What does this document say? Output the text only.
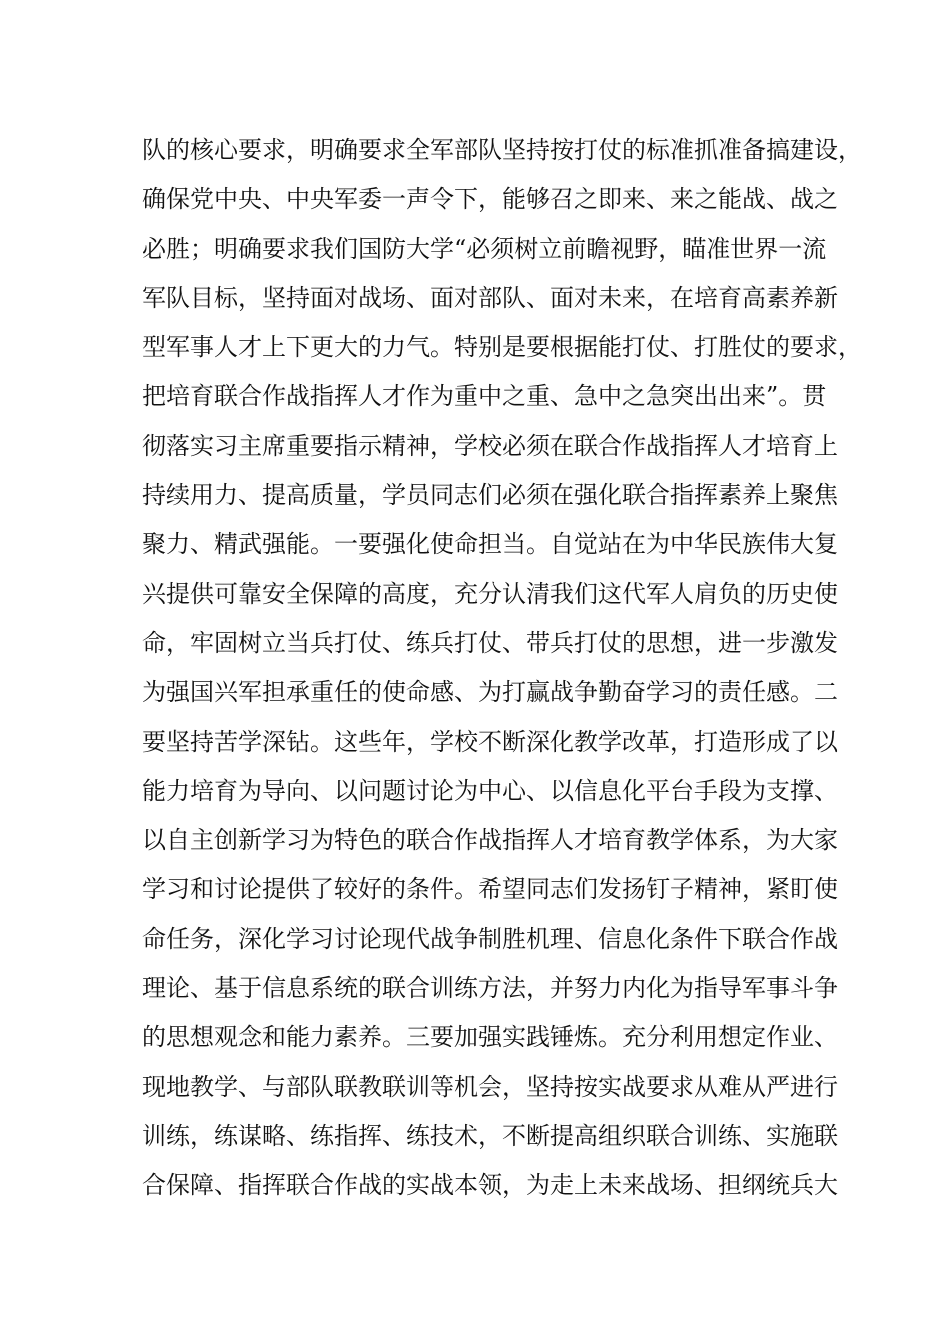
队的核心要求，明确要求全军部队坚持按打仗的标准抓准备搞建设，
确保党中央、中央军委一声令下，能够召之即来、来之能战、战之
必胜；明确要求我们国防大学“必须树立前瞻视野，瞄准世界一流
军队目标，坚持面对战场、面对部队、面对未来，在培育高素养新
型军事人才上下更大的力气。特别是要根据能打仗、打胜仗的要求，
把培育联合作战指挥人才作为重中之重、急中之急突出出来”。贯
彻落实习主席重要指示精神，学校必须在联合作战指挥人才培育上
持续用力、提高质量，学员同志们必须在强化联合指挥素养上聚焦
聚力、精武强能。一要强化使命担当。自觉站在为中华民族伟大复
兴提供可靠安全保障的高度，充分认清我们这代军人肩负的历史使
命，牢固树立当兵打仗、练兵打仗、带兵打仗的思想，进一步激发
为强国兴军担承重任的使命感、为打赢战争勤奋学习的责任感。二
要坚持苦学深钻。这些年，学校不断深化教学改革，打造形成了以
能力培育为导向、以问题讨论为中心、以信息化平台手段为支撑、
以自主创新学习为特色的联合作战指挥人才培育教学体系，为大家
学习和讨论提供了较好的条件。希望同志们发扬钉子精神，紧盯使
命任务，深化学习讨论现代战争制胜机理、信息化条件下联合作战
理论、基于信息系统的联合训练方法，并努力内化为指导军事斗争
的思想观念和能力素养。三要加强实践锤炼。充分利用想定作业、
现地教学、与部队联教联训等机会，坚持按实战要求从难从严进行
训练，练谋略、练指挥、练技术，不断提高组织联合训练、实施联
合保障、指挥联合作战的实战本领，为走上未来战场、担纲统兵大
